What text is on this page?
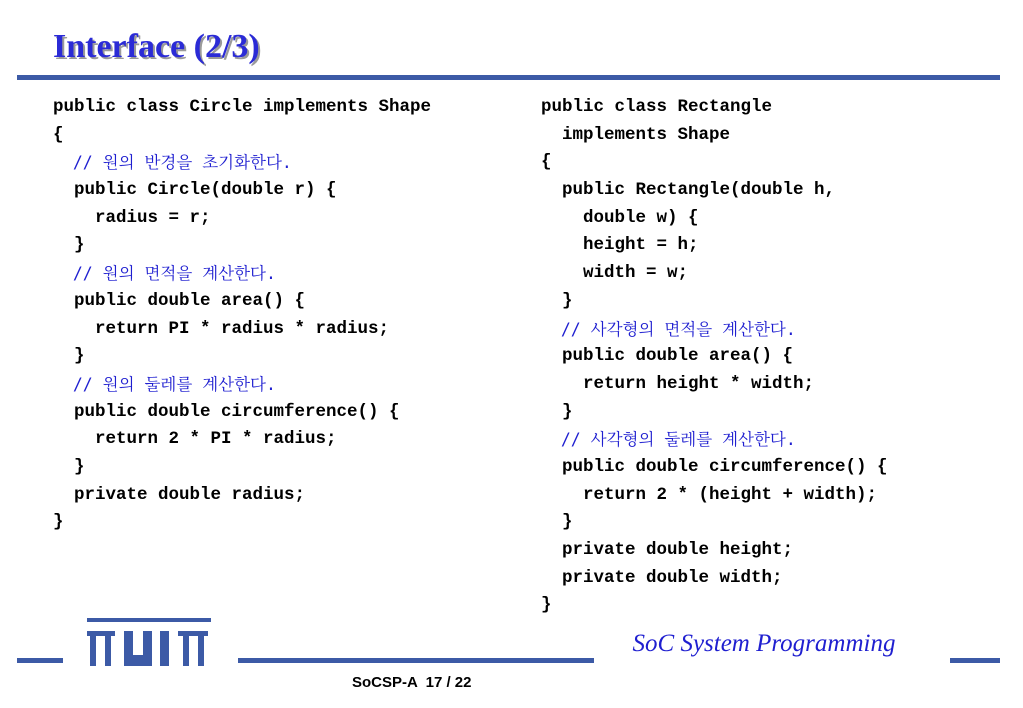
Interface (2/3)
public class Circle implements Shape
{
// 원의 반경을 초기화한다.
public Circle(double r) {
radius = r;
}
// 원의 면적을 계산한다.
public double area() {
return PI * radius * radius;
}
// 원의 둘레를 계산한다.
public double circumference() {
return 2 * PI * radius;
}
private double radius;
}
public class Rectangle
implements Shape
{
public Rectangle(double h,
double w) {
height = h;
width = w;
}
// 사각형의 면적을 계산한다.
public double area() {
return height * width;
}
// 사각형의 둘레를 계산한다.
public double circumference() {
return 2 * (height + width);
}
private double height;
private double width;
}
SoC System Programming
SoCSP-A  17 / 22
